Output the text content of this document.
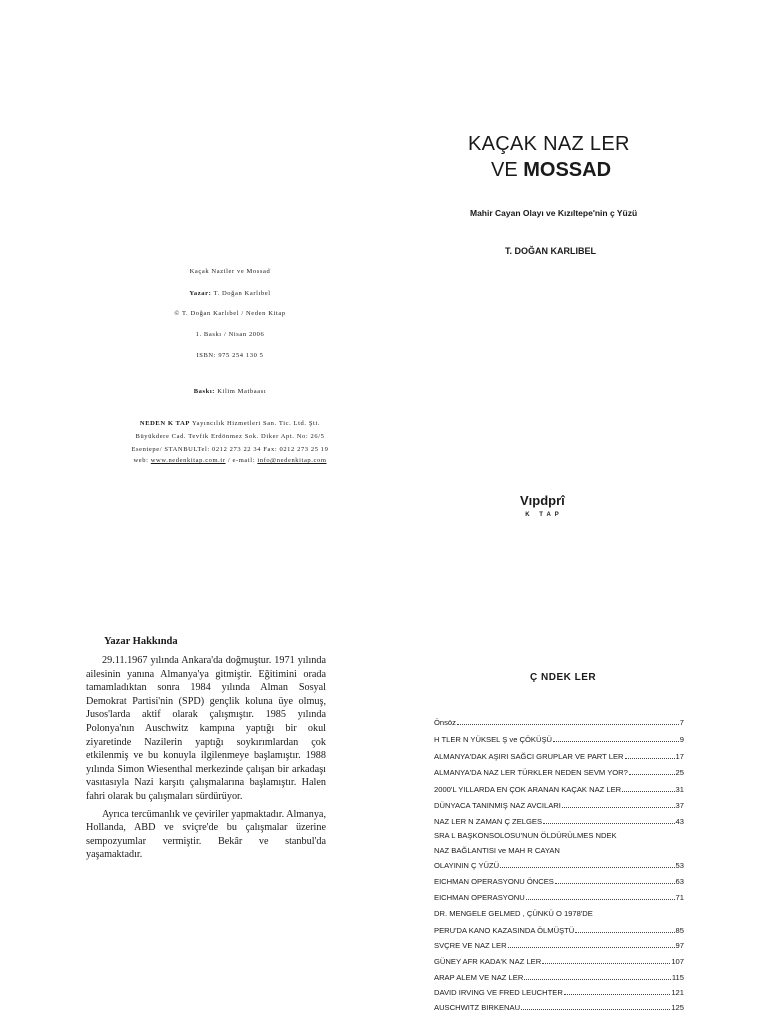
Kaçak Naziler ve Mossad
Yazar: T. Doğan Karlıbel
© T. Doğan Karlıbel / Neden Kitap
1. Baskı / Nisan 2006
ISBN: 975 254 130 5
Baskı: Kilim Matbaası
NEDEN K TAP Yayıncılık Hizmetleri San. Tic. Ltd. Şti.
Büyükdere Cad. Tevfik Erdönmez Sok. Diker Apt. No: 26/5
Esentepe/ STANBULTel: 0212 273 22 34 Fax: 0212 273 25 19
web: www.nedenkitap.com.tr / e-mail: info@nedenkitap.com
Yazar Hakkında

29.11.1967 yılında Ankara'da doğmuştur. 1971 yılında ailesinin yanına Almanya'ya gitmiştir. Eğitimini orada tamamladıktan sonra 1984 yılında Alman Sosyal Demokrat Partisi'nin (SPD) gençlik koluna üye olmuş, Jusos'larda aktif olarak çalışmıştır. 1985 yılında Polonya'nın Auschwitz kampına yaptığı bir okul ziyaretinde Nazilerin yaptığı soykırımlardan çok etkilenmiş ve bu konuyla ilgilenmeye başlamıştır. 1988 yılında Simon Wiesenthal merkezinde çalışan bir arkadaşı vasıtasıyla Nazi karşıtı çalışmalarına başlamıştır. Halen fahri olarak bu çalışmaları sürdürüyor.

Ayrıca tercümanlık ve çeviriler yapmaktadır. Almanya, Hollanda, ABD ve sviçre'de bu çalışmalar üzerine sempozyumlar vermiştir. Bekâr ve stanbul'da yaşamaktadır.

KAÇAK NAZ LER
VE MOSSAD
Mahir Cayan Olayı ve Kızıltepe'nin ç Yüzü
T. DOĞAN KARLIBEL
Vıpdprî
K TAP
Ç NDEK LER
Önsöz	7
H TLER N YÜKSEL Ş ve ÇÖKÜŞÜ	9
ALMANYA'DAK AŞIRI SAĞCI GRUPLAR VE PART LER	17
ALMANYA'DA NAZ LER TÜRKLER NEDEN SEVM YOR?	25
2000'L YILLARDA EN ÇOK ARANAN KAÇAK NAZ LER	31
DÜNYACA TANINMIŞ NAZ AVCILARI	37
NAZ LER N ZAMAN Ç ZELGES	43
SRA L BAŞKONSOLOSU'NUN ÖLDÜRÜLMES NDEK
NAZ BAĞLANTISI ve MAH R CAYAN
OLAYININ Ç YÜZÜ	53
EICHMAN OPERASYONU ÖNCES	63
EICHMAN OPERASYONU	71
DR. MENGELE GELMED , ÇÜNKÜ O 1978'DE
PERU'DA KANO KAZASINDA ÖLMÜŞTÜ	85
SVÇRE VE NAZ LER	97
GÜNEY AFR KADA'K NAZ LER	107
ARAP ALEM VE NAZ LER	115
DAVID IRVING VE FRED LEUCHTER	121
AUSCHWITZ BIRKENAU	125
